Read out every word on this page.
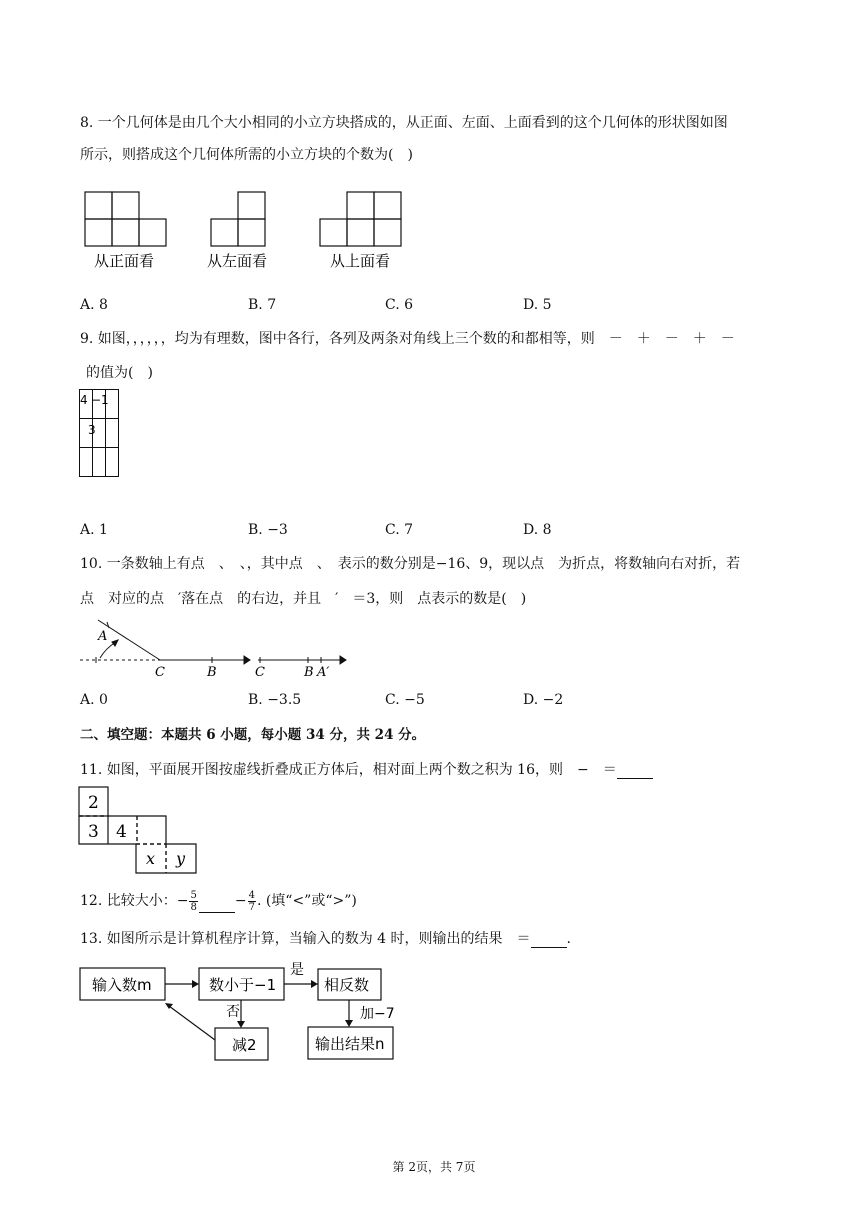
8. 一个几何体是由几个大小相同的小立方块搭成的，从正面、左面、上面看到的这个几何体的形状图如图
所示，则搭成这个几何体所需的小立方块的个数为(　)
从正面看	从左面看	从上面看
A. 8	B. 7	C. 6	D. 5
9. 如图，，，，，，均为有理数，图中各行，各列及两条对角线上三个数的和都相等，则　－　＋　－　＋　－
的值为(　)
4 −1
3
A. 1	B. −3	C. 7	D. 8
10. 一条数轴上有点　、　、，其中点　、　表示的数分别是−16、9，现以点　为折点，将数轴向右对折，若
点　对应的点　′落在点　的右边，并且　′　＝3，则　点表示的数是(　)
A
C	B	C	B A′
A. 0	B. −3.5	C. −5	D. −2
二、填空题：本题共 6 小题，每小题 34 分，共 24 分。
11. 如图，平面展开图按虚线折叠成正方体后，相对面上两个数之积为 16，则　−　＝
2
3 4
x y
12. 比较大小：− $\frac{5}{8}$	− $\frac{4}{7}$ . (填“<”或“>”)
13. 如图所示是计算机程序计算，当输入的数为 4 时，则输出的结果　＝	.
输入数m	数小于−1	相反数
减2	输出结果n
是
否	加−7
第 2页，共 7页
